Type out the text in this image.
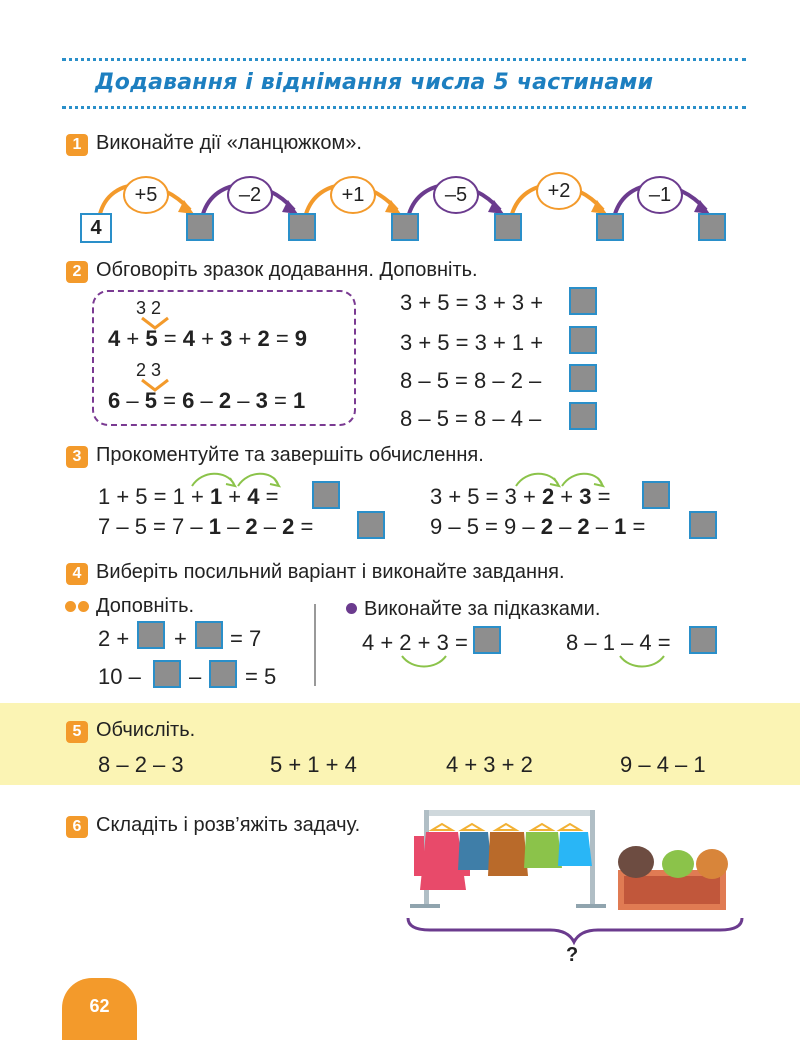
Додавання і віднімання числа 5 частинами
1 Виконайте дії «ланцюжком».
+5	–2	+1	–5	+2	–1
4
2 Обговоріть зразок додавання. Доповніть.
3 2
4 + 5 = 4 + 3 + 2 = 9
2 3
6 – 5 = 6 – 2 – 3 = 1
3 + 5 = 3 + 3 +
3 + 5 = 3 + 1 +
8 – 5 = 8 – 2 –
8 – 5 = 8 – 4 –
3 Прокоментуйте та завершіть обчислення.
1 + 5 = 1 + 1 + 4 =
7 – 5 = 7 – 1 – 2 – 2 =
3 + 5 = 3 + 2 + 3 =
9 – 5 = 9 – 2 – 2 – 1 =
4 Виберіть посильний варіант і виконайте завдання.
Доповніть.
2 + + = 7
10 – – = 5
Виконайте за підказками.
4 + 2 + 3 =	8 – 1 – 4 =
5 Обчисліть.
8 – 2 – 3	5 + 1 + 4	4 + 3 + 2	9 – 4 – 1
6 Складіть і розв’яжіть задачу.
?
62
